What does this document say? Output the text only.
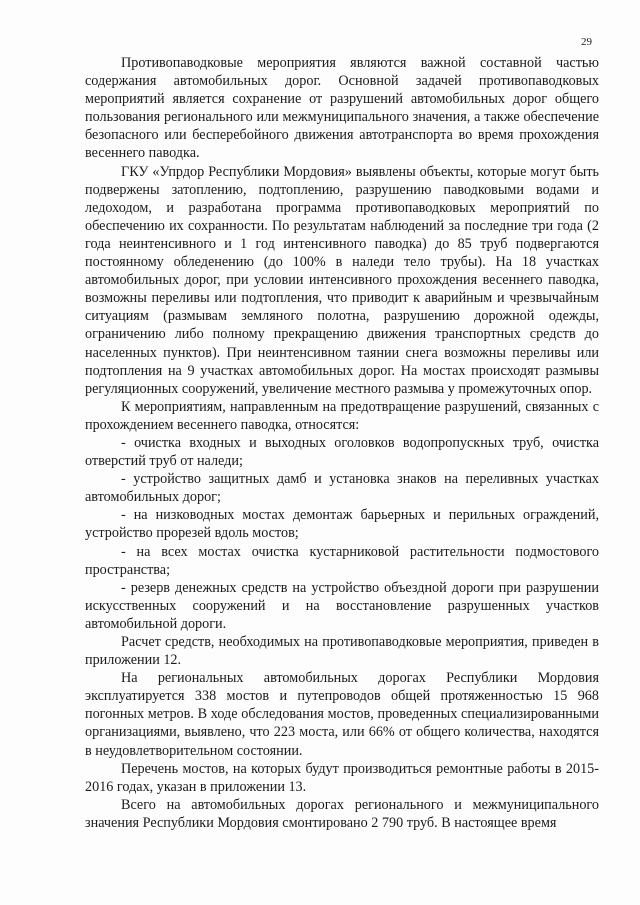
29

Противопаводковые мероприятия являются важной составной частью содержания автомобильных дорог. Основной задачей противопаводковых мероприятий является сохранение от разрушений автомобильных дорог общего пользования регионального или межмуниципального значения, а также обеспечение безопасного или бесперебойного движения автотранспорта во время прохождения весеннего паводка.

ГКУ «Упрдор Республики Мордовия» выявлены объекты, которые могут быть подвержены затоплению, подтоплению, разрушению паводковыми водами и ледоходом, и разработана программа противопаводковых мероприятий по обеспечению их сохранности. По результатам наблюдений за последние три года (2 года неинтенсивного и 1 год интенсивного паводка) до 85 труб подвергаются постоянному обледенению (до 100% в наледи тело трубы). На 18 участках автомобильных дорог, при условии интенсивного прохождения весеннего паводка, возможны переливы или подтопления, что приводит к аварийным и чрезвычайным ситуациям (размывам земляного полотна, разрушению дорожной одежды, ограничению либо полному прекращению движения транспортных средств до населенных пунктов). При неинтенсивном таянии снега возможны переливы или подтопления на 9 участках автомобильных дорог. На мостах происходят размывы регуляционных сооружений, увеличение местного размыва у промежуточных опор.

К мероприятиям, направленным на предотвращение разрушений, связанных с прохождением весеннего паводка, относятся:

- очистка входных и выходных оголовков водопропускных труб, очистка отверстий труб от наледи;

- устройство защитных дамб и установка знаков на переливных участках автомобильных дорог;

- на низководных мостах демонтаж барьерных и перильных ограждений, устройство прорезей вдоль мостов;

- на всех мостах очистка кустарниковой растительности подмостового пространства;

- резерв денежных средств на устройство объездной дороги при разрушении искусственных сооружений и на восстановление разрушенных участков автомобильной дороги.

Расчет средств, необходимых на противопаводковые мероприятия, приведен в приложении 12.

На региональных автомобильных дорогах Республики Мордовия эксплуатируется 338 мостов и путепроводов общей протяженностью 15 968 погонных метров. В ходе обследования мостов, проведенных специализированными организациями, выявлено, что 223 моста, или 66% от общего количества, находятся в неудовлетворительном состоянии.

Перечень мостов, на которых будут производиться ремонтные работы в 2015-2016 годах, указан в приложении 13.

Всего на автомобильных дорогах регионального и межмуниципального значения Республики Мордовия смонтировано 2 790 труб. В настоящее время
